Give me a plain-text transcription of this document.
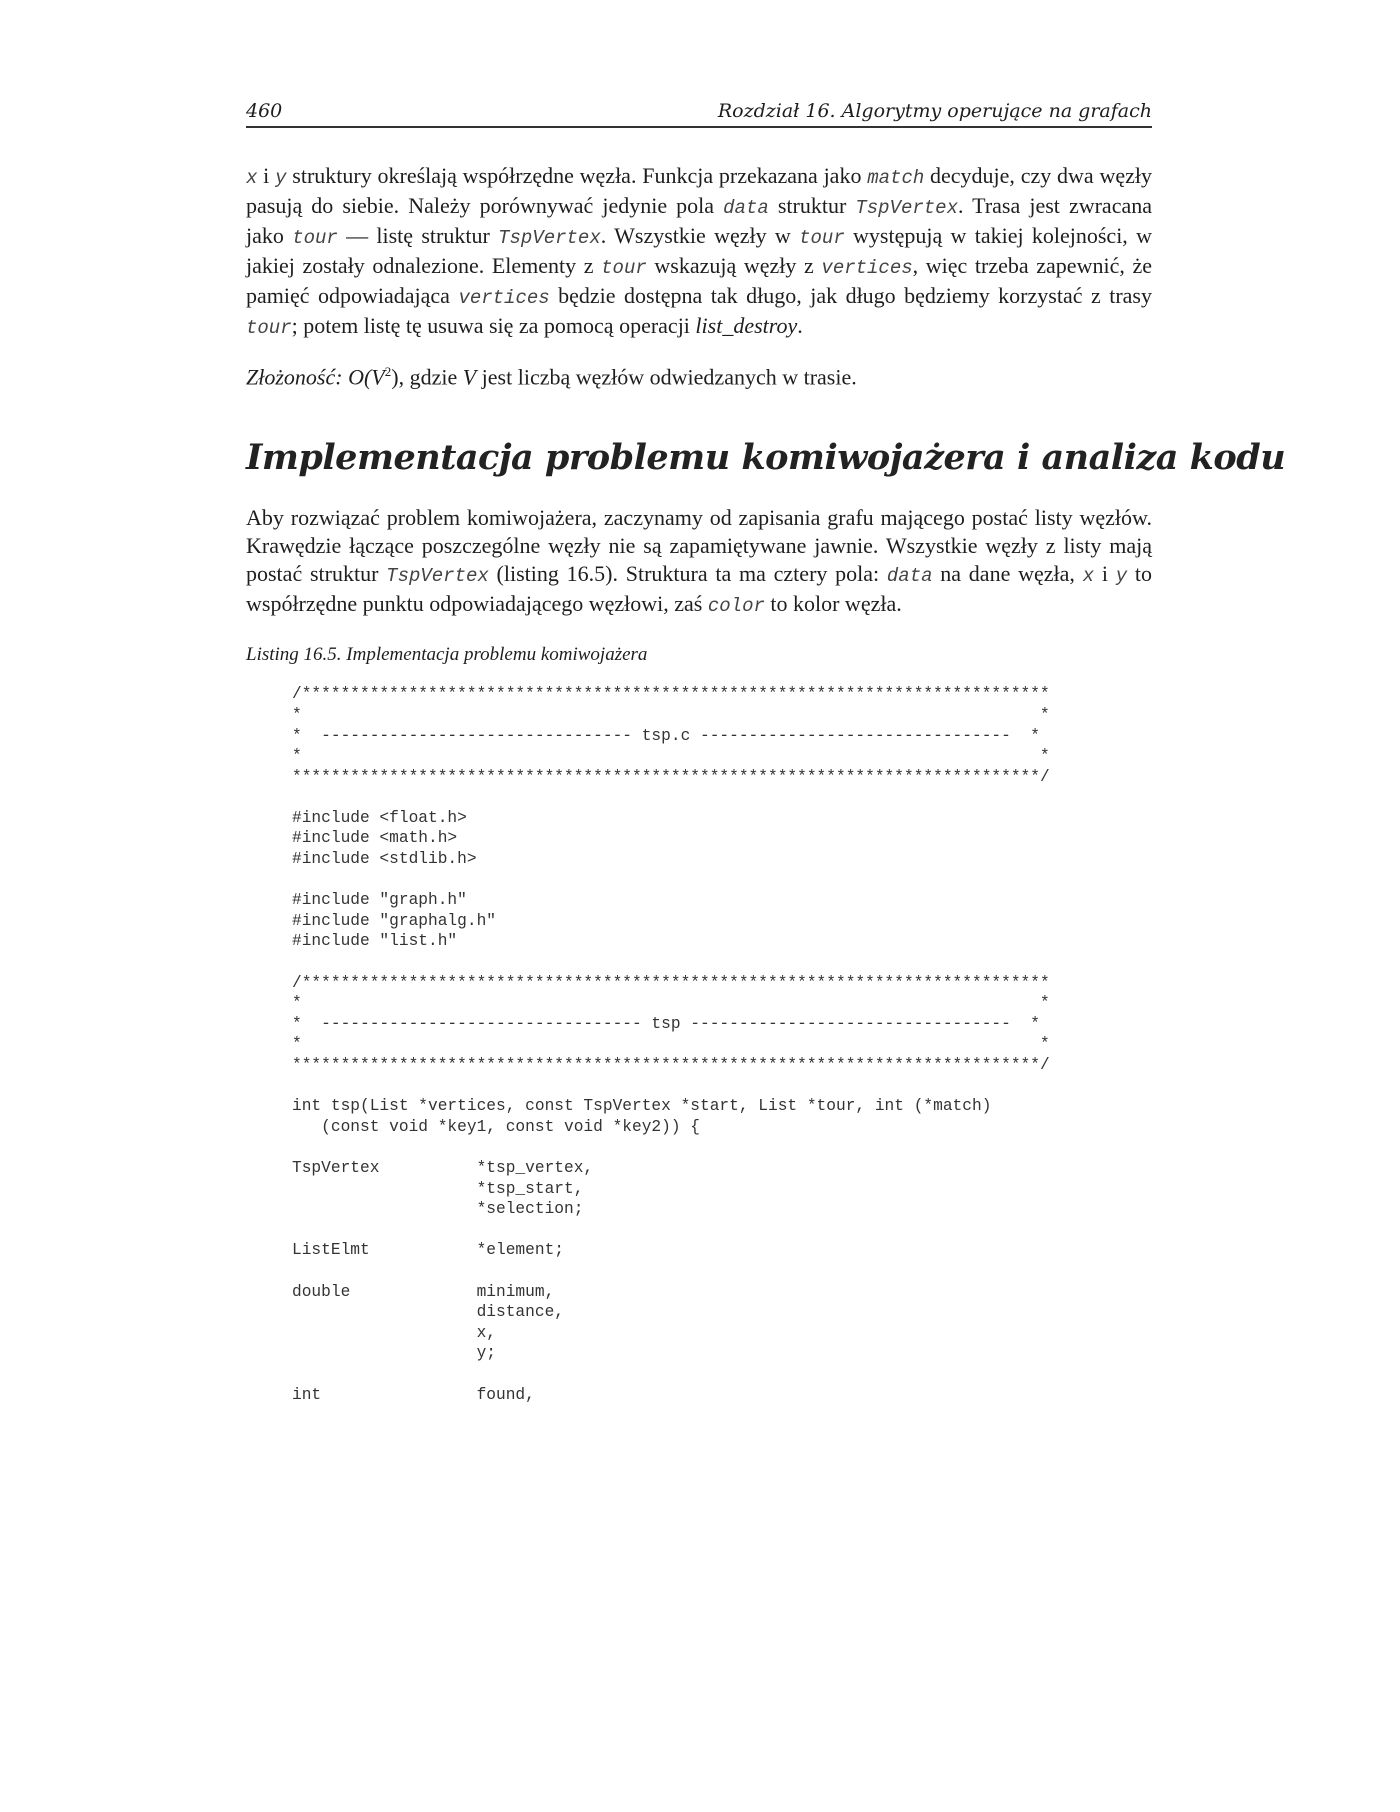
460	Rozdział 16. Algorytmy operujące na grafach

x i y struktury określają współrzędne węzła. Funkcja przekazana jako match decyduje, czy dwa węzły pasują do siebie. Należy porównywać jedynie pola data struktur TspVertex. Trasa jest zwracana jako tour — listę struktur TspVertex. Wszystkie węzły w tour występują w takiej kolejności, w jakiej zostały odnalezione. Elementy z tour wskazują węzły z vertices, więc trzeba zapewnić, że pamięć odpowiadająca vertices będzie dostępna tak długo, jak długo będziemy korzystać z trasy tour; potem listę tę usuwa się za pomocą operacji list_destroy.

Złożoność: $O(V^2)$, gdzie V jest liczbą węzłów odwiedzanych w trasie.

Implementacja problemu komiwojażera i analiza kodu

Aby rozwiązać problem komiwojażera, zaczynamy od zapisania grafu mającego postać listy węzłów. Krawędzie łączące poszczególne węzły nie są zapamiętywane jawnie. Wszystkie węzły z listy mają postać struktur TspVertex (listing 16.5). Struktura ta ma cztery pola: data na dane węzła, x i y to współrzędne punktu odpowiadającego węzłowi, zaś color to kolor węzła.

Listing 16.5. Implementacja problemu komiwojażera
/*****************************************************************************
*                                                                            *
*  -------------------------------- tsp.c --------------------------------  *
*                                                                            *
*****************************************************************************/
#include <float.h>
#include <math.h>
#include <stdlib.h>
#include "graph.h"
#include "graphalg.h"
#include "list.h"
/*****************************************************************************
*                                                                            *
*  --------------------------------- tsp ---------------------------------  *
*                                                                            *
*****************************************************************************/
int tsp(List *vertices, const TspVertex *start, List *tour, int (*match)
(const void *key1, const void *key2)) {
TspVertex          *tsp_vertex,
*tsp_start,
*selection;
ListElmt           *element;
double             minimum,
distance,
x,
y;
int                found,
